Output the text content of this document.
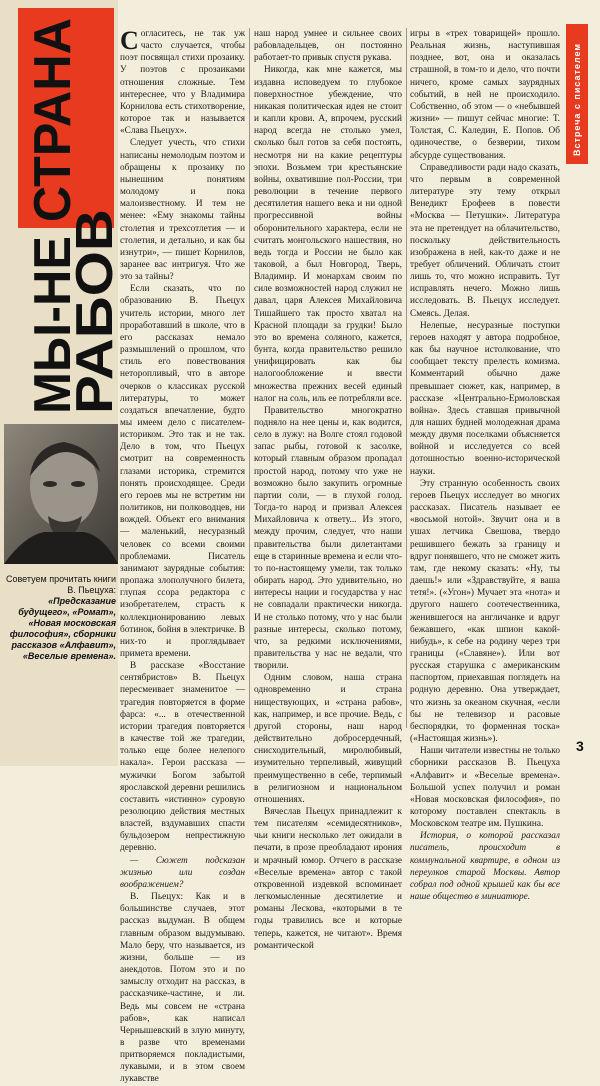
МЫ-НЕ СТРАНА
РАБОВ
Советуем прочитать книги В. Пьецуха: «Предсказание будущего», «Ромат», «Новая московская философия», сборники рассказов «Алфавит», «Веселые времена».

Согласитесь, не так уж часто случается, чтобы поэт посвящал стихи прозаику. У поэтов с прозаиками отношения сложные. Тем интереснее, что у Владимира Корнилова есть стихотворение, которое так и называется «Слава Пьецух».

Следует учесть, что стихи написаны немолодым поэтом и обращены к прозаику по нынешним понятиям молодому и пока малоизвестному. И тем не менее: «Ему знакомы тайны столетия и трехсотлетия — и столетия, и детально, и как бы изнутри», — пишет Корнилов, заранее вас интригуя. Что же это за тайны?

Если сказать, что по образованию В. Пьецух учитель истории, много лет проработавший в школе, что в его рассказах немало размышлений о прошлом, что стиль его повествования неторопливый, что в авторе очерков о классиках русской литературы, то может создаться впечатление, будто мы имеем дело с писателем-историком. Это так и не так. Дело в том, что Пьецух смотрит на современность глазами историка, стремится понять происходящее. Среди его героев мы не встретим ни политиков, ни полководцев, ни вождей. Объект его внимания — маленький, несуразный человек со всеми своими проблемами. Писатель занимают заурядные события: пропажа злополучного билета, глупая ссора редактора с изобретателем, страсть к коллекционированию левых ботинок, бойня в электричке. В них-то и проглядывает примета времени.

В рассказе «Восстание сентябристов» В. Пьецух пересмеивает знаменитое — трагедия повторяется в форме фарса: «... в отечественной истории трагедия повторяется в качестве той же трагедии, только еще более нелепого накала». Герои рассказа — мужички Богом забытой ярославской деревни решились составить «истинно» суровую резолюцию действия местных властей, вздумавших спасти бульдозером непрестижную деревню.

— Сюжет подсказан жизнью или создан воображением?

В. Пьецух: Как и в большинстве случаев, этот рассказ выдуман. В общем главным образом выдумываю. Мало беру, что называется, из жизни, больше — из анекдотов. Потом это и по замыслу отходит на рассказ, в рассказчике-частине, и ли. Ведь мы совсем не «страна рабов», как написал Чернышевский в злую минуту, в разве что временами притворяемся покладистыми, лукавыми, и в этом своем лукавстве

наш народ умнее и сильнее своих рабовладельцев, он постоянно работает-то привык спустя рукава.

Никогда, как мне кажется, мы издавна исповедуем то глубокое поверхностное убеждение, что никакая политическая идея не стоит и капли крови. А, впрочем, русский народ всегда не столько умел, сколько был готов за себя постоять, несмотря ни на какие рецептуры эпохи. Возьмем три крестьянские войны, охватившие пол-России, три революции в течение первого десятилетия нашего века и ни одной прогрессивной войны оборонительного характера, если не считать монгольского нашествия, но ведь тогда и России не было как таковой, а был Новгород, Тверь, Владимир. И монархам своим по силе возможностей народ служил не давал, царя Алексея Михайловича Тишайшего так просто хватал на Красной площади за грудки! Было это во времена соляного, кажется, бунта, когда правительство решило унифицировать как бы налогообложение и ввести множества прежних весей единый налог на соль, иль ее потребляли все.

Правительство многократно подняло на нее цены и, как водится, село в лужу: на Волге стоял годовой запас рыбы, готовой к засолке, который главным образом пропадал простой народ, потому что уже не возможно было закупить огромные партии соли, — в глухой голод. Тогда-то народ и призвал Алексея Михайловича к ответу... Из этого, между прочим, следует, что наши правительства были дилетантами еще в старинные времена и если что-то по-настоящему умели, так только обирать народ. Это удивительно, но интересы нации и государства у нас не совпадали практически никогда. И не столько потому, что у нас были разные интересы, сколько потому, что, за редкими исключениями, правительства у нас не ведали, что творили.

Одним словом, наша страна одновременно и страна ниществующих, и «страна рабов», как, например, и все прочие. Ведь, с другой стороны, наш народ действительно добросердечный, снисходительный, миролюбивый, изумительно терпеливый, живущий преимущественно в себе, терпимый в религиозном и национальном отношениях.

Вячеслав Пьецух принадлежит к тем писателям «семидесятников», чьи книги несколько лет ожидали в печати, в прозе преобладают ирония и мрачный юмор. Отчего в рассказе «Веселые времена» автор с такой откровенной издевкой вспоминает легкомысленные десятилетие и романы Лескова, «которыми в те годы травились все и которые теперь, кажется, не читают». Время романтической

игры в «трех товарищей» прошло. Реальная жизнь, наступившая позднее, вот, она и оказалась страшной, в том-то и дело, что почти ничего, кроме самых заурядных событий, в ней не происходило. Собственно, об этом — о «небывшей жизни» — пишут сейчас многие: Т. Толстая, С. Каледин, Е. Попов. Об одиночестве, о безверии, тихом абсурде существования.

Справедливости ради надо сказать, что первым в современной литературе эту тему открыл Венедикт Ерофеев в повести «Москва — Петушки». Литература эта не претендует на облачительство, поскольку действительность изображена в ней, как-то даже и не требует обличений. Обличать стоит лишь то, что можно исправить. Тут исправлять нечего. Можно лишь исследовать. В. Пьецух исследует. Смеясь. Делая.

Нелепые, несуразные поступки героев находят у автора подробное, как бы научное истолкование, что сообщает тексту прелесть комизма. Комментарий обычно даже превышает сюжет, как, например, в рассказе «Центрально-Ермоловская война». Здесь ставшая привычной для наших будней молодежная драма между двумя поселками объясняется войной и исследуется со всей дотошностью военно-исторической науки.

Эту странную особенность своих героев Пьецух исследует во многих рассказах. Писатель называет ее «восьмой нотой». Звучит она и в ушах летчика Свешова, твердо решившего бежать за границу и вдруг понявшего, что не сможет жить там, где некому сказать: «Ну, ты даешь!» или «Здравствуйте, я ваша тетя!». («Угон») Мучает эта «нота» и другого нашего соотечественника, женившегося на англичанке и вдруг бежавшего, «как шпион какой-нибудь», к себе на родину через три границы («Славяне»). Или вот русская старушка с американским паспортом, приехавшая поглядеть на родную деревню. Она утверждает, что жизнь за океаном скучная, «если бы не телевизор и расовые беспорядки, то форменная тоска» («Настоящая жизнь»).

Наши читатели известны не только сборники рассказов В. Пьецуха «Алфавит» и «Веселые времена». Большой успех получил и роман «Новая московская философия», по которому поставлен спектакль в Московском театре им. Пушкина.

История, о которой рассказал писатель, происходит в коммунальной квартире, в одном из переулков старой Москвы. Автор собрал под одной крышей как бы все наше общество в миниатюре.

Встреча с писателем
3
